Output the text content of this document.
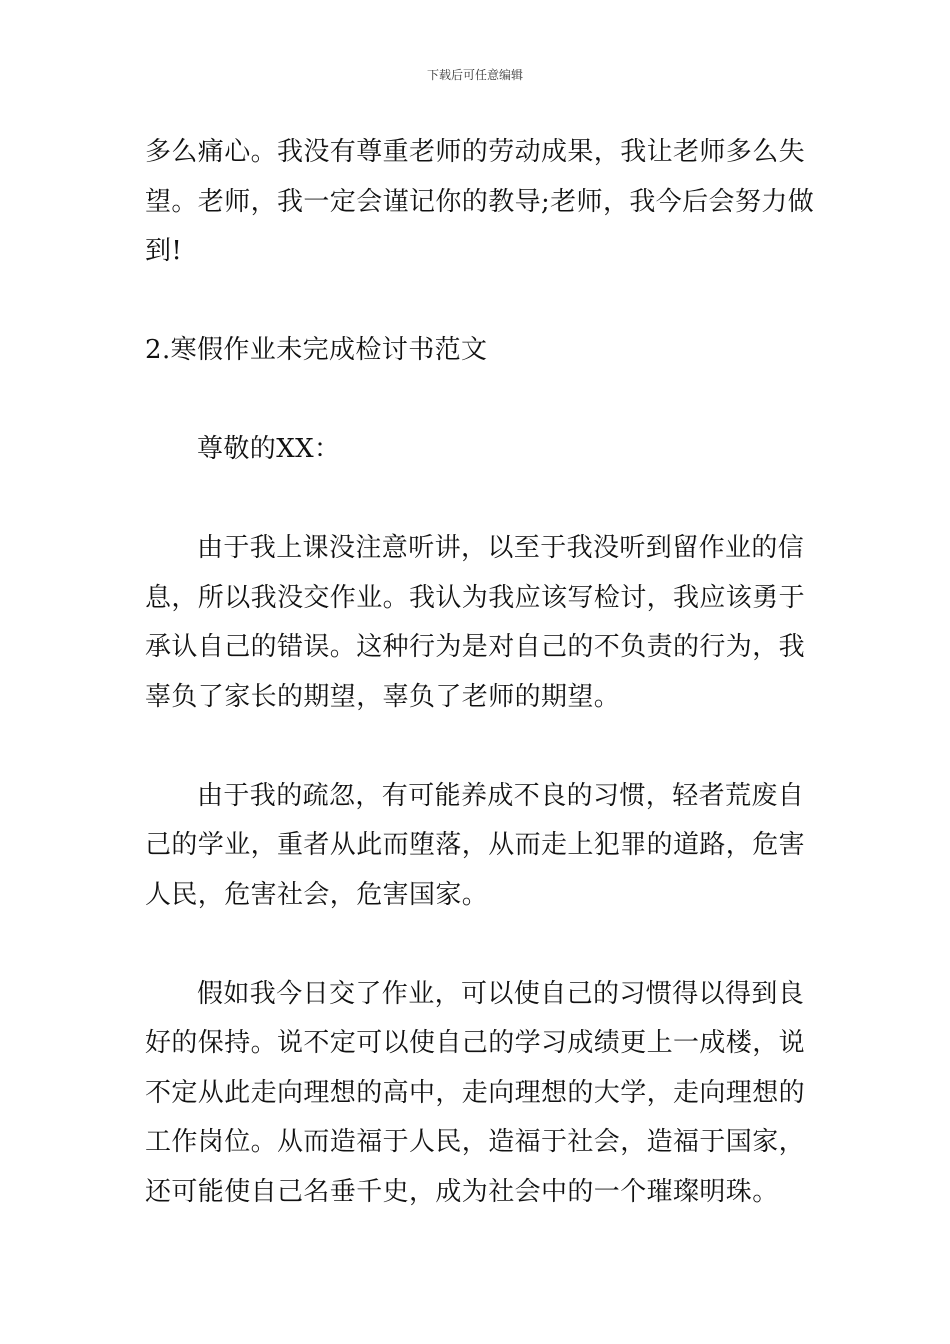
下载后可任意编辑
多么痛心。我没有尊重老师的劳动成果，我让老师多么失
望。老师，我一定会谨记你的教导;老师，我今后会努力做
到!
2.寒假作业未完成检讨书范文
尊敬的XX：
由于我上课没注意听讲，以至于我没听到留作业的信
息，所以我没交作业。我认为我应该写检讨，我应该勇于
承认自己的错误。这种行为是对自己的不负责的行为，我
辜负了家长的期望，辜负了老师的期望。
由于我的疏忽，有可能养成不良的习惯，轻者荒废自
己的学业，重者从此而堕落，从而走上犯罪的道路，危害
人民，危害社会，危害国家。
假如我今日交了作业，可以使自己的习惯得以得到良
好的保持。说不定可以使自己的学习成绩更上一成楼，说
不定从此走向理想的高中，走向理想的大学，走向理想的
工作岗位。从而造福于人民，造福于社会，造福于国家，
还可能使自己名垂千史，成为社会中的一个璀璨明珠。
